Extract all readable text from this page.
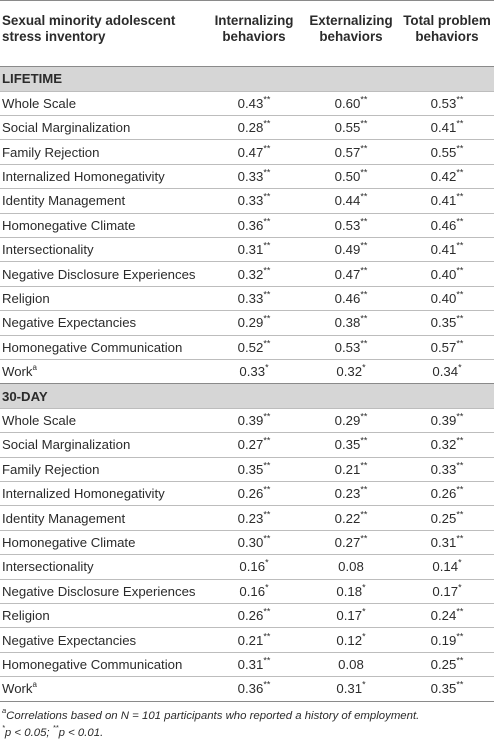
Sexual minority adolescent stress inventory	Internalizing behaviors	Externalizing behaviors	Total problem behaviors
LIFETIME			
Whole Scale	0.43**	0.60**	0.53**
Social Marginalization	0.28**	0.55**	0.41**
Family Rejection	0.47**	0.57**	0.55**
Internalized Homonegativity	0.33**	0.50**	0.42**
Identity Management	0.33**	0.44**	0.41**
Homonegative Climate	0.36**	0.53**	0.46**
Intersectionality	0.31**	0.49**	0.41**
Negative Disclosure Experiences	0.32**	0.47**	0.40**
Religion	0.33**	0.46**	0.40**
Negative Expectancies	0.29**	0.38**	0.35**
Homonegative Communication	0.52**	0.53**	0.57**
Work$^a$	0.33*	0.32*	0.34*
30-DAY			
Whole Scale	0.39**	0.29**	0.39**
Social Marginalization	0.27**	0.35**	0.32**
Family Rejection	0.35**	0.21**	0.33**
Internalized Homonegativity	0.26**	0.23**	0.26**
Identity Management	0.23**	0.22**	0.25**
Homonegative Climate	0.30**	0.27**	0.31**
Intersectionality	0.16*	0.08	0.14*
Negative Disclosure Experiences	0.16*	0.18*	0.17*
Religion	0.26**	0.17*	0.24**
Negative Expectancies	0.21**	0.12*	0.19**
Homonegative Communication	0.31**	0.08	0.25**
Work$^a$	0.36**	0.31*	0.35**

$^a$Correlations based on N = 101 participants who reported a history of employment.
*p < 0.05; **p < 0.01.
